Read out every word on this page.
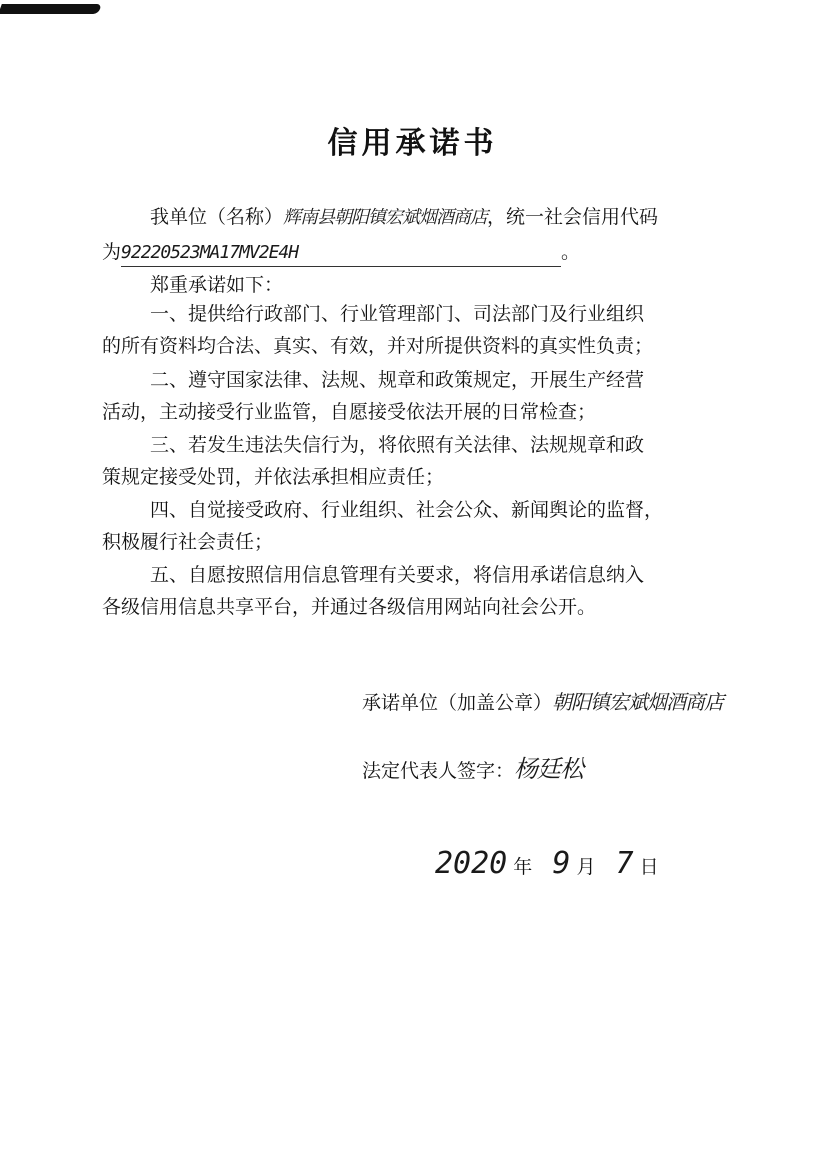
信用承诺书
我单位（名称）辉南县朝阳镇宏斌烟酒商店，统一社会信用代码
为92220523MA17MV2E4H	。
郑重承诺如下：
一、提供给行政部门、行业管理部门、司法部门及行业组织
的所有资料均合法、真实、有效，并对所提供资料的真实性负责；
二、遵守国家法律、法规、规章和政策规定，开展生产经营
活动，主动接受行业监管，自愿接受依法开展的日常检查；
三、若发生违法失信行为，将依照有关法律、法规规章和政
策规定接受处罚，并依法承担相应责任；
四、自觉接受政府、行业组织、社会公众、新闻舆论的监督，
积极履行社会责任；
五、自愿按照信用信息管理有关要求，将信用承诺信息纳入
各级信用信息共享平台，并通过各级信用网站向社会公开。
承诺单位（加盖公章）朝阳镇宏斌烟酒商店
法定代表人签字：杨廷松
2020 年 9 月 7 日
